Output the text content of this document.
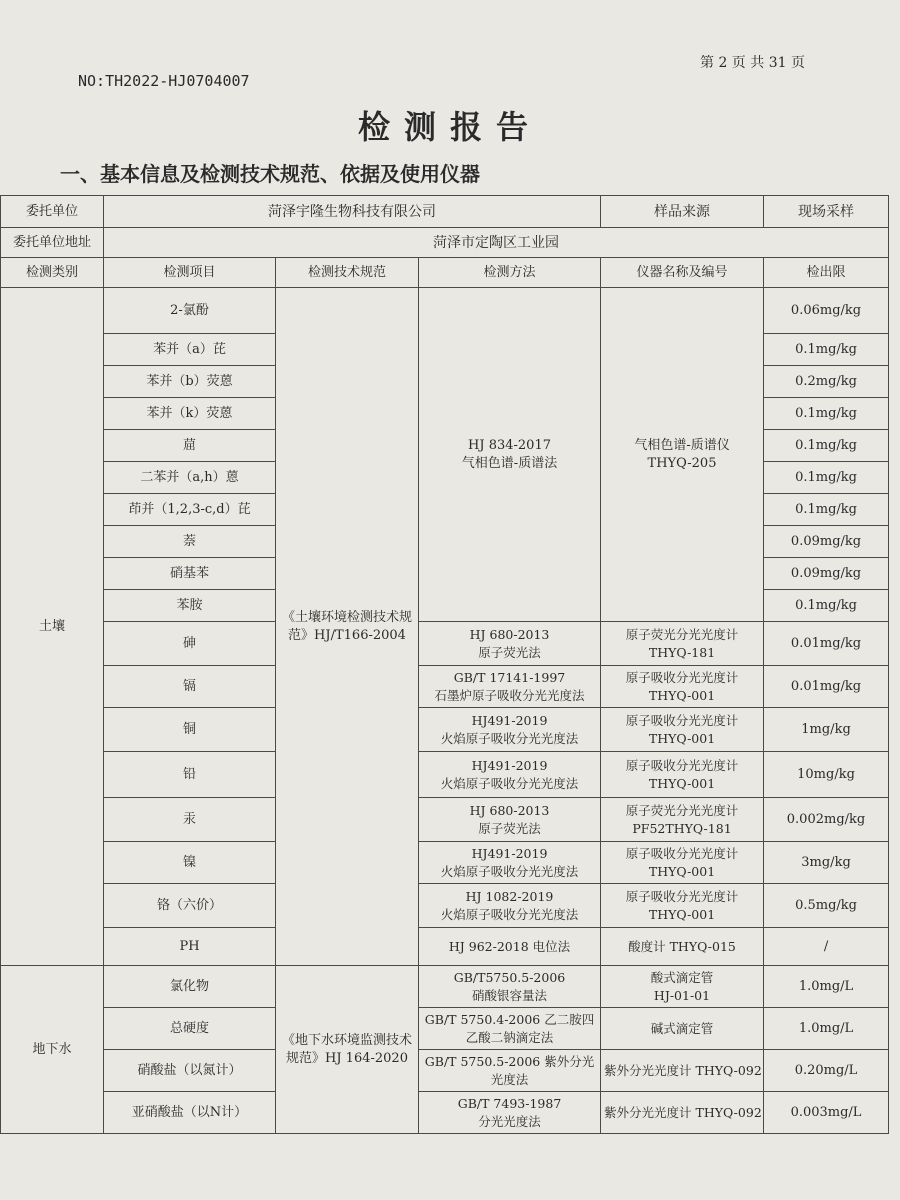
第 2 页 共 31 页
NO:TH2022-HJ0704007
检测报告
一、基本信息及检测技术规范、依据及使用仪器
委托单位	菏泽宇隆生物科技有限公司			样品来源	现场采样
委托单位地址	菏泽市定陶区工业园				
检测类别	检测项目	检测技术规范	检测方法	仪器名称及编号	检出限
土壤	2-氯酚	《土壤环境检测技术规范》HJ/T166-2004	HJ 834-2017
气相色谱-质谱法	气相色谱-质谱仪
THYQ-205	0.06mg/kg
	苯并（a）芘				0.1mg/kg
	苯并（b）荧蒽				0.2mg/kg
	苯并（k）荧蒽				0.1mg/kg
	䓛				0.1mg/kg
	二苯并（a,h）蒽				0.1mg/kg
	茚并（1,2,3-c,d）芘				0.1mg/kg
	萘				0.09mg/kg
	硝基苯				0.09mg/kg
	苯胺				0.1mg/kg
	砷		HJ 680-2013
原子荧光法	原子荧光分光光度计
THYQ-181	0.01mg/kg
	镉		GB/T 17141-1997
石墨炉原子吸收分光光度法	原子吸收分光光度计
THYQ-001	0.01mg/kg
	铜		HJ491-2019
火焰原子吸收分光光度法	原子吸收分光光度计
THYQ-001	1mg/kg
	铅		HJ491-2019
火焰原子吸收分光光度法	原子吸收分光光度计
THYQ-001	10mg/kg
	汞		HJ 680-2013
原子荧光法	原子荧光分光光度计
PF52THYQ-181	0.002mg/kg
	镍		HJ491-2019
火焰原子吸收分光光度法	原子吸收分光光度计
THYQ-001	3mg/kg
	铬（六价）		HJ 1082-2019
火焰原子吸收分光光度法	原子吸收分光光度计
THYQ-001	0.5mg/kg
	PH		HJ 962-2018 电位法	酸度计 THYQ-015	/
地下水	氯化物	《地下水环境监测技术规范》HJ 164-2020	GB/T5750.5-2006
硝酸银容量法	酸式滴定管
HJ-01-01	1.0mg/L
	总硬度		GB/T 5750.4-2006 乙二胺四
乙酸二钠滴定法	碱式滴定管	1.0mg/L
	硝酸盐（以氮计）		GB/T 5750.5-2006 紫外分光
光度法	紫外分光光度计 THYQ-092	0.20mg/L
	亚硝酸盐（以N计）		GB/T 7493-1987
分光光度法	紫外分光光度计 THYQ-092	0.003mg/L
